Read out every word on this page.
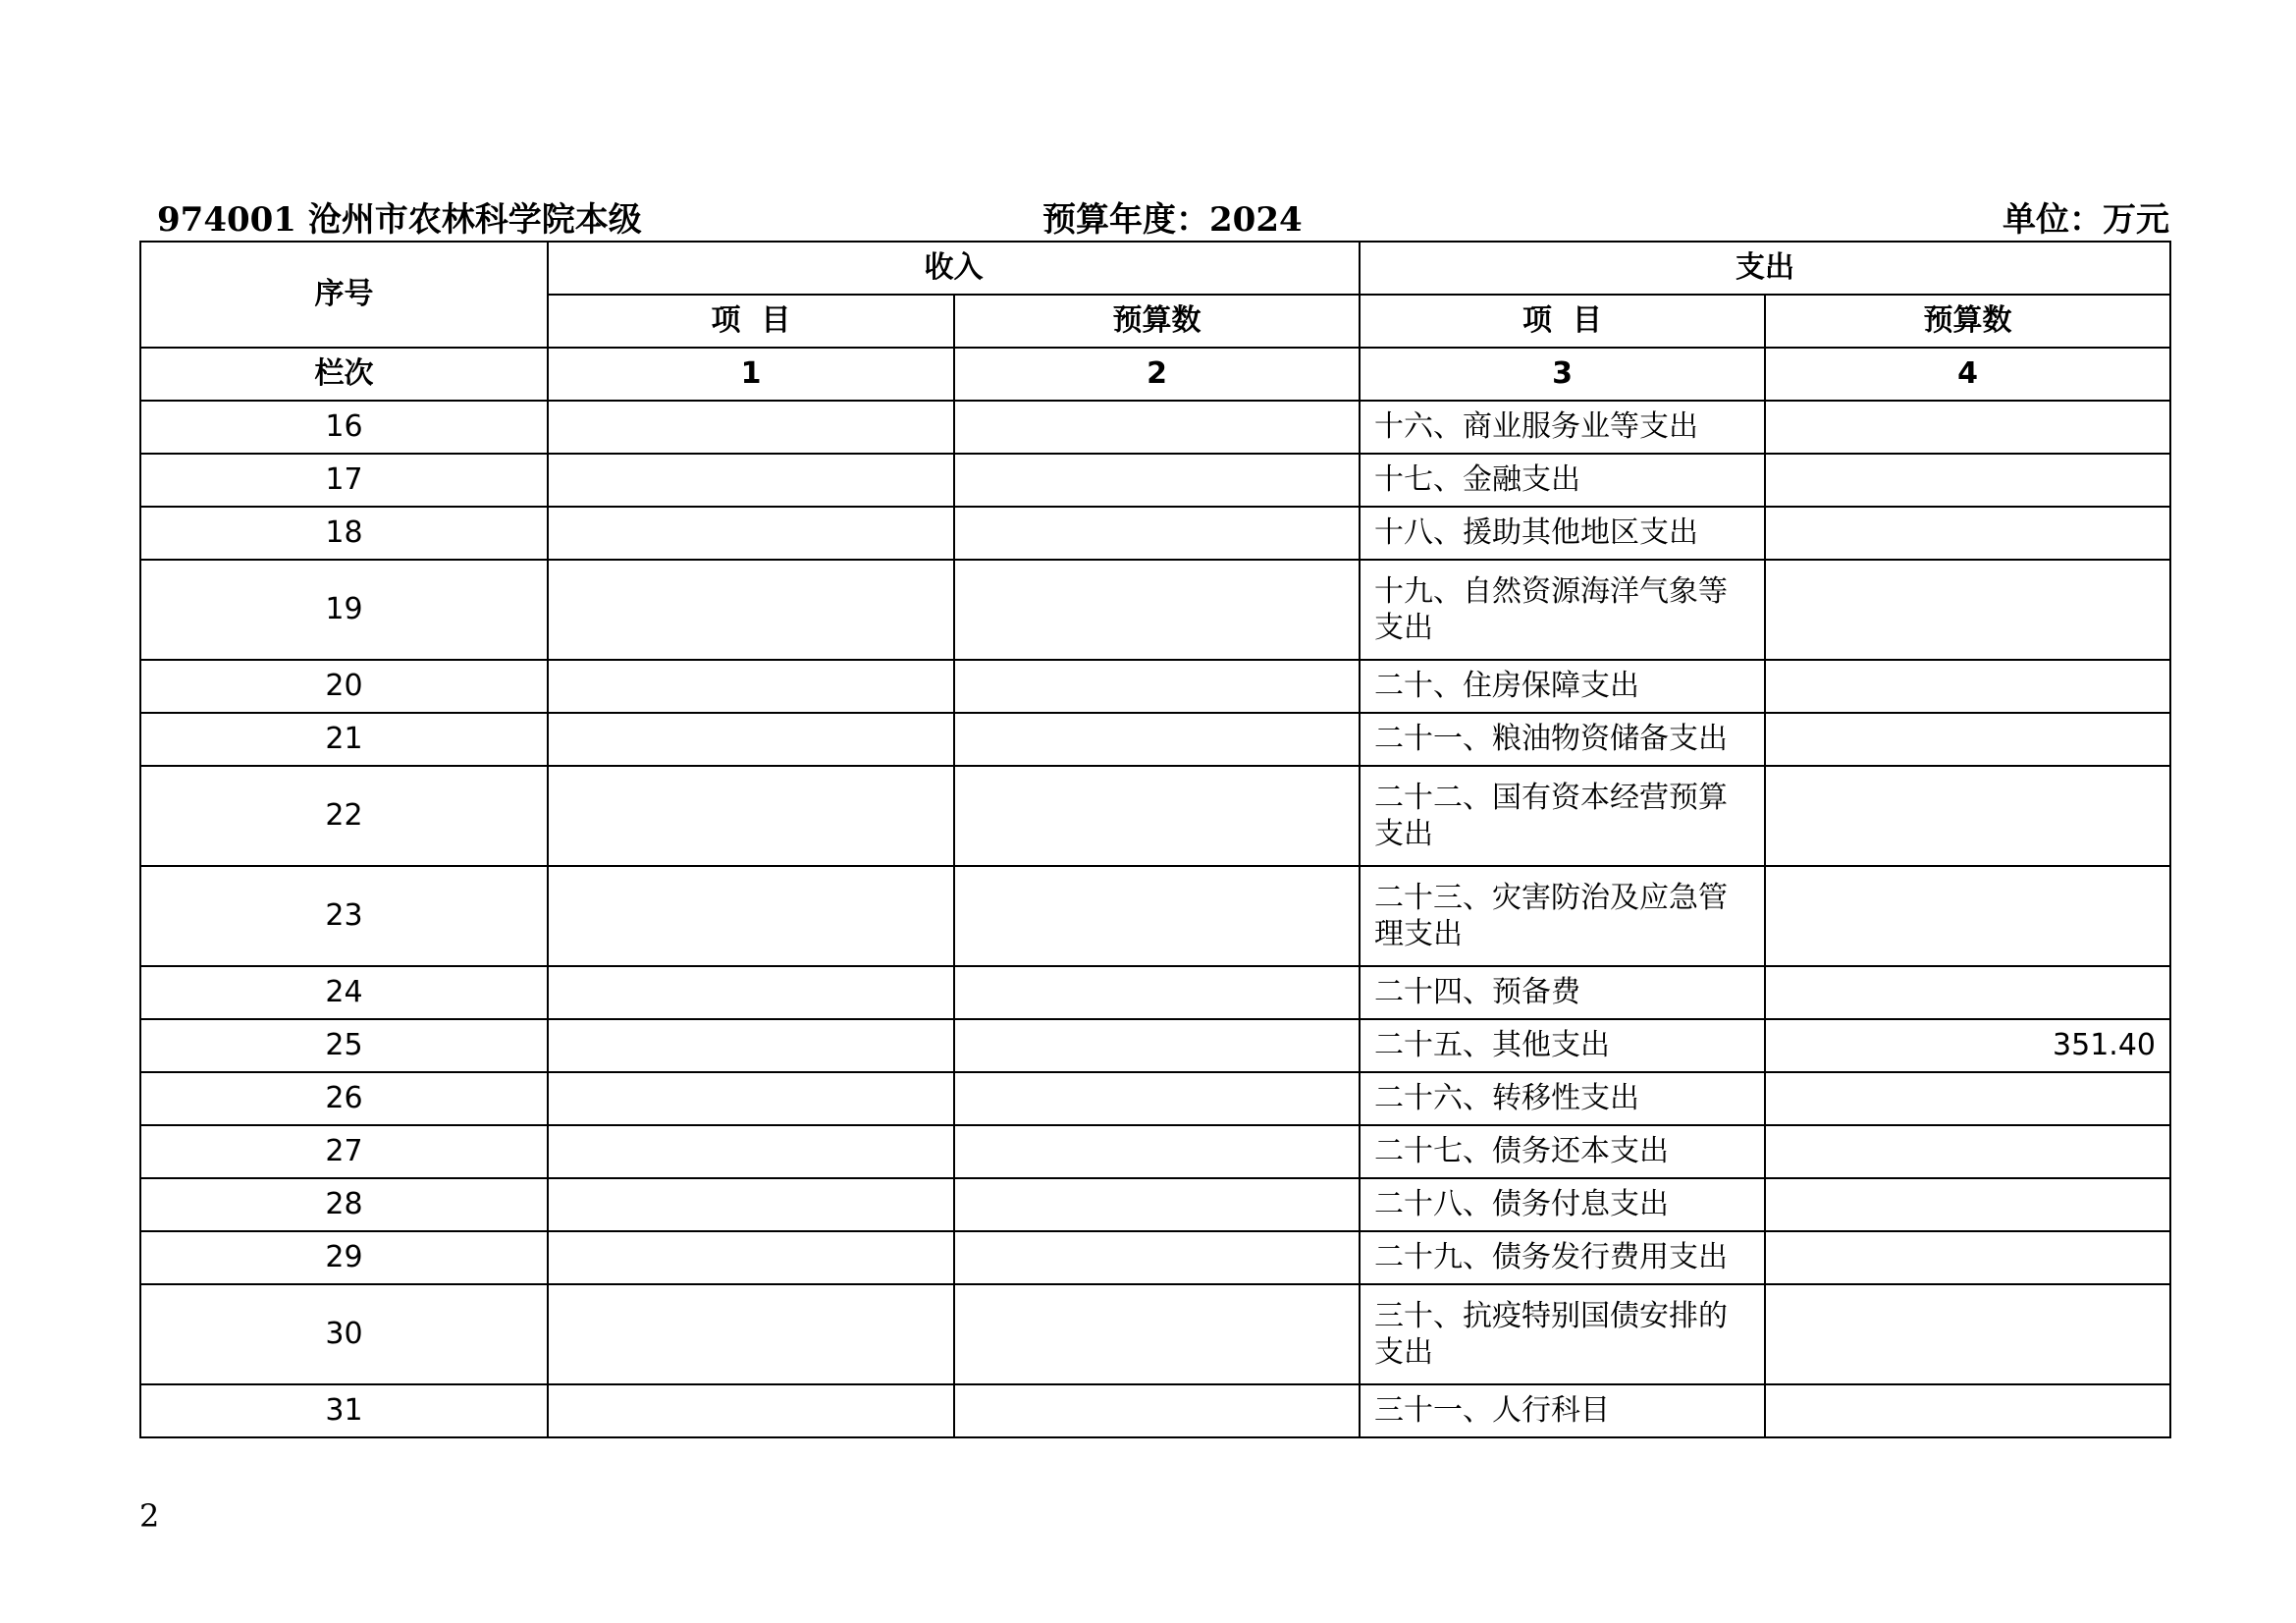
974001 沧州市农林科学院本级	预算年度：2024	单位：万元
序号	收入		支出	
	项  目	预算数	项  目	预算数
栏次	1	2	3	4
16			十六、商业服务业等支出	
17			十七、金融支出	
18			十八、援助其他地区支出	
19			十九、自然资源海洋气象等支出	
20			二十、住房保障支出	
21			二十一、粮油物资储备支出	
22			二十二、国有资本经营预算支出	
23			二十三、灾害防治及应急管理支出	
24			二十四、预备费	
25			二十五、其他支出	351.40
26			二十六、转移性支出	
27			二十七、债务还本支出	
28			二十八、债务付息支出	
29			二十九、债务发行费用支出	
30			三十、抗疫特别国债安排的支出	
31			三十一、人行科目	
2
